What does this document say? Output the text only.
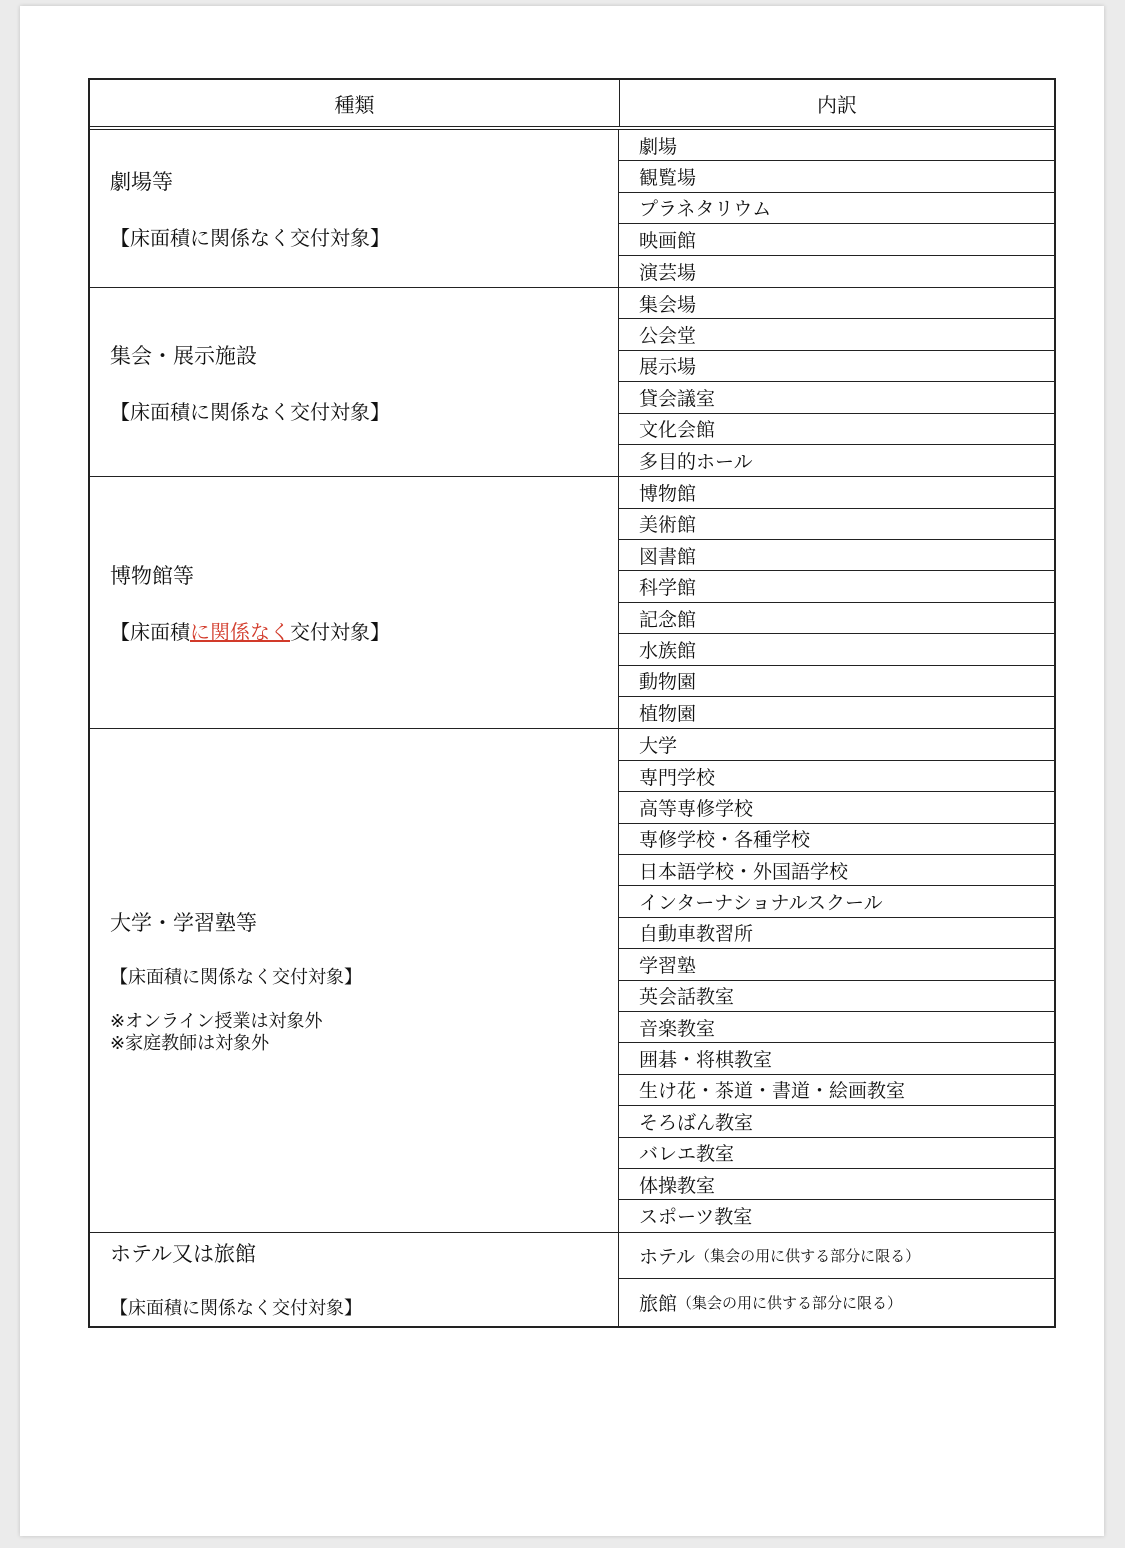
種類	内訳
劇場等
【床面積に関係なく交付対象】
劇場
観覧場
プラネタリウム
映画館
演芸場
集会・展示施設
【床面積に関係なく交付対象】
集会場
公会堂
展示場
貸会議室
文化会館
多目的ホール
博物館等
【床面積に関係なく交付対象】
博物館
美術館
図書館
科学館
記念館
水族館
動物園
植物園
大学・学習塾等
【床面積に関係なく交付対象】
※オンライン授業は対象外
※家庭教師は対象外
大学
専門学校
高等専修学校
専修学校・各種学校
日本語学校・外国語学校
インターナショナルスクール
自動車教習所
学習塾
英会話教室
音楽教室
囲碁・将棋教室
生け花・茶道・書道・絵画教室
そろばん教室
バレエ教室
体操教室
スポーツ教室
ホテル又は旅館
【床面積に関係なく交付対象】
ホテル （集会の用に供する部分に限る）
旅館 （集会の用に供する部分に限る）
